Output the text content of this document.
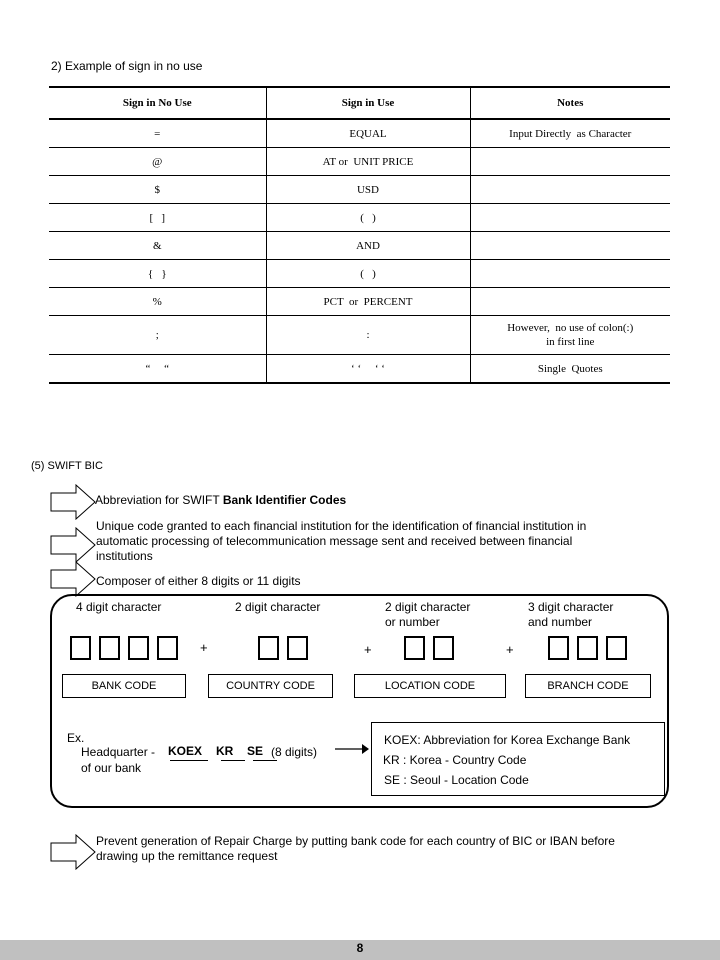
2) Example of sign in no use
Sign in No Use	Sign in Use	Notes
=	EQUAL	Input Directly  as Character

@	AT or  UNIT PRICE	

$	USD	

[   ]	(   )	

&	AND	

{   }	(   )	

%	PCT  or  PERCENT	

;	:	However,  no use of colon(:)
in first line

“     “	‘ ‘     ‘ ‘	Single  Quotes
(5) SWIFT BIC
Abbreviation for SWIFT Bank Identifier Codes
Unique code granted to each financial institution for the identification of financial institution in
automatic processing of telecommunication message sent and received between financial
institutions
Composer of either 8 digits or 11 digits
4 digit character	2 digit character	2 digit character
or number
3 digit character
and number
+	+	+
BANK CODE	COUNTRY CODE	LOCATION CODE	BRANCH CODE
Ex.
Headquarter -
of our bank
KOEX KR SE (8 digits)
KOEX: Abbreviation for Korea Exchange Bank
KR : Korea - Country Code
SE : Seoul - Location Code
Prevent generation of Repair Charge by putting bank code for each country of BIC or IBAN before
drawing up the remittance request
8
